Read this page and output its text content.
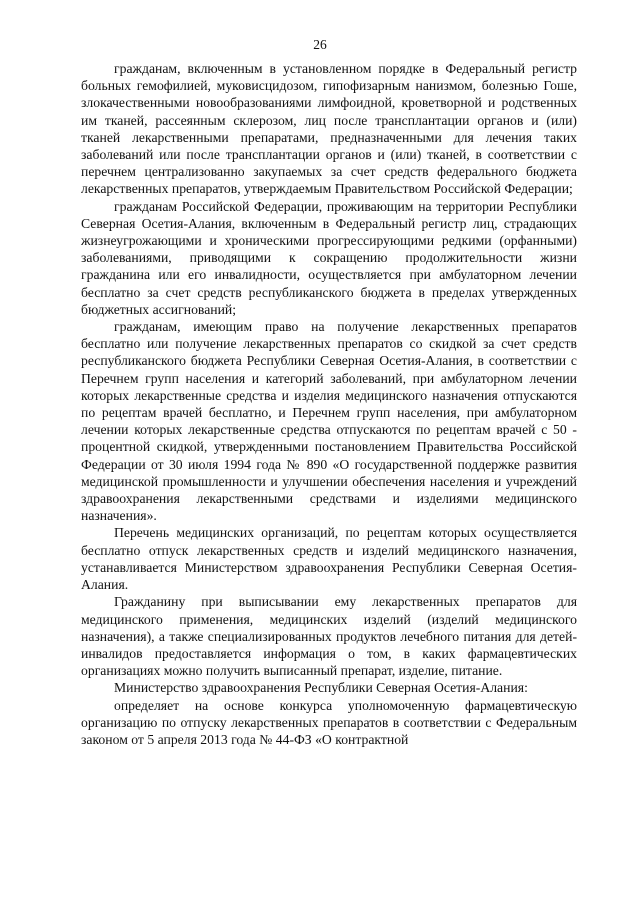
26

гражданам, включенным в установленном порядке в Федеральный регистр больных гемофилией, муковисцидозом, гипофизарным нанизмом, болезнью Гоше, злокачественными новообразованиями лимфоидной, кроветворной и родственных им тканей, рассеянным склерозом, лиц после трансплантации органов и (или) тканей лекарственными препаратами, предназначенными для лечения таких заболеваний или после трансплантации органов и (или) тканей, в соответствии с перечнем централизованно закупаемых за счет средств федерального бюджета лекарственных препаратов, утверждаемым Правительством Российской Федерации;

гражданам Российской Федерации, проживающим на территории Республики Северная Осетия-Алания, включенным в Федеральный регистр лиц, страдающих жизнеугрожающими и хроническими прогрессирующими редкими (орфанными) заболеваниями, приводящими к сокращению продолжительности жизни гражданина или его инвалидности, осуществляется при амбулаторном лечении бесплатно за счет средств республиканского бюджета в пределах утвержденных бюджетных ассигнований;

гражданам, имеющим право на получение лекарственных препаратов бесплатно или получение лекарственных препаратов со скидкой за счет средств республиканского бюджета Республики Северная Осетия-Алания, в соответствии с Перечнем групп населения и категорий заболеваний, при амбулаторном лечении которых лекарственные средства и изделия медицинского назначения отпускаются по рецептам врачей бесплатно, и Перечнем групп населения, при амбулаторном лечении которых лекарственные средства отпускаются по рецептам врачей с 50 - процентной скидкой, утвержденными постановлением Правительства Российской Федерации от 30 июля 1994 года № 890 «О государственной поддержке развития медицинской промышленности и улучшении обеспечения населения и учреждений здравоохранения лекарственными средствами и изделиями медицинского назначения».

Перечень медицинских организаций, по рецептам которых осуществляется бесплатно отпуск лекарственных средств и изделий медицинского назначения, устанавливается Министерством здравоохранения Республики Северная Осетия-Алания.

Гражданину при выписывании ему лекарственных препаратов для медицинского применения, медицинских изделий (изделий медицинского назначения), а также специализированных продуктов лечебного питания для детей-инвалидов предоставляется информация о том, в каких фармацевтических организациях можно получить выписанный препарат, изделие, питание.

Министерство здравоохранения Республики Северная Осетия-Алания:

определяет на основе конкурса уполномоченную фармацевтическую организацию по отпуску лекарственных препаратов в соответствии с Федеральным законом от 5 апреля 2013 года № 44-ФЗ «О контрактной
